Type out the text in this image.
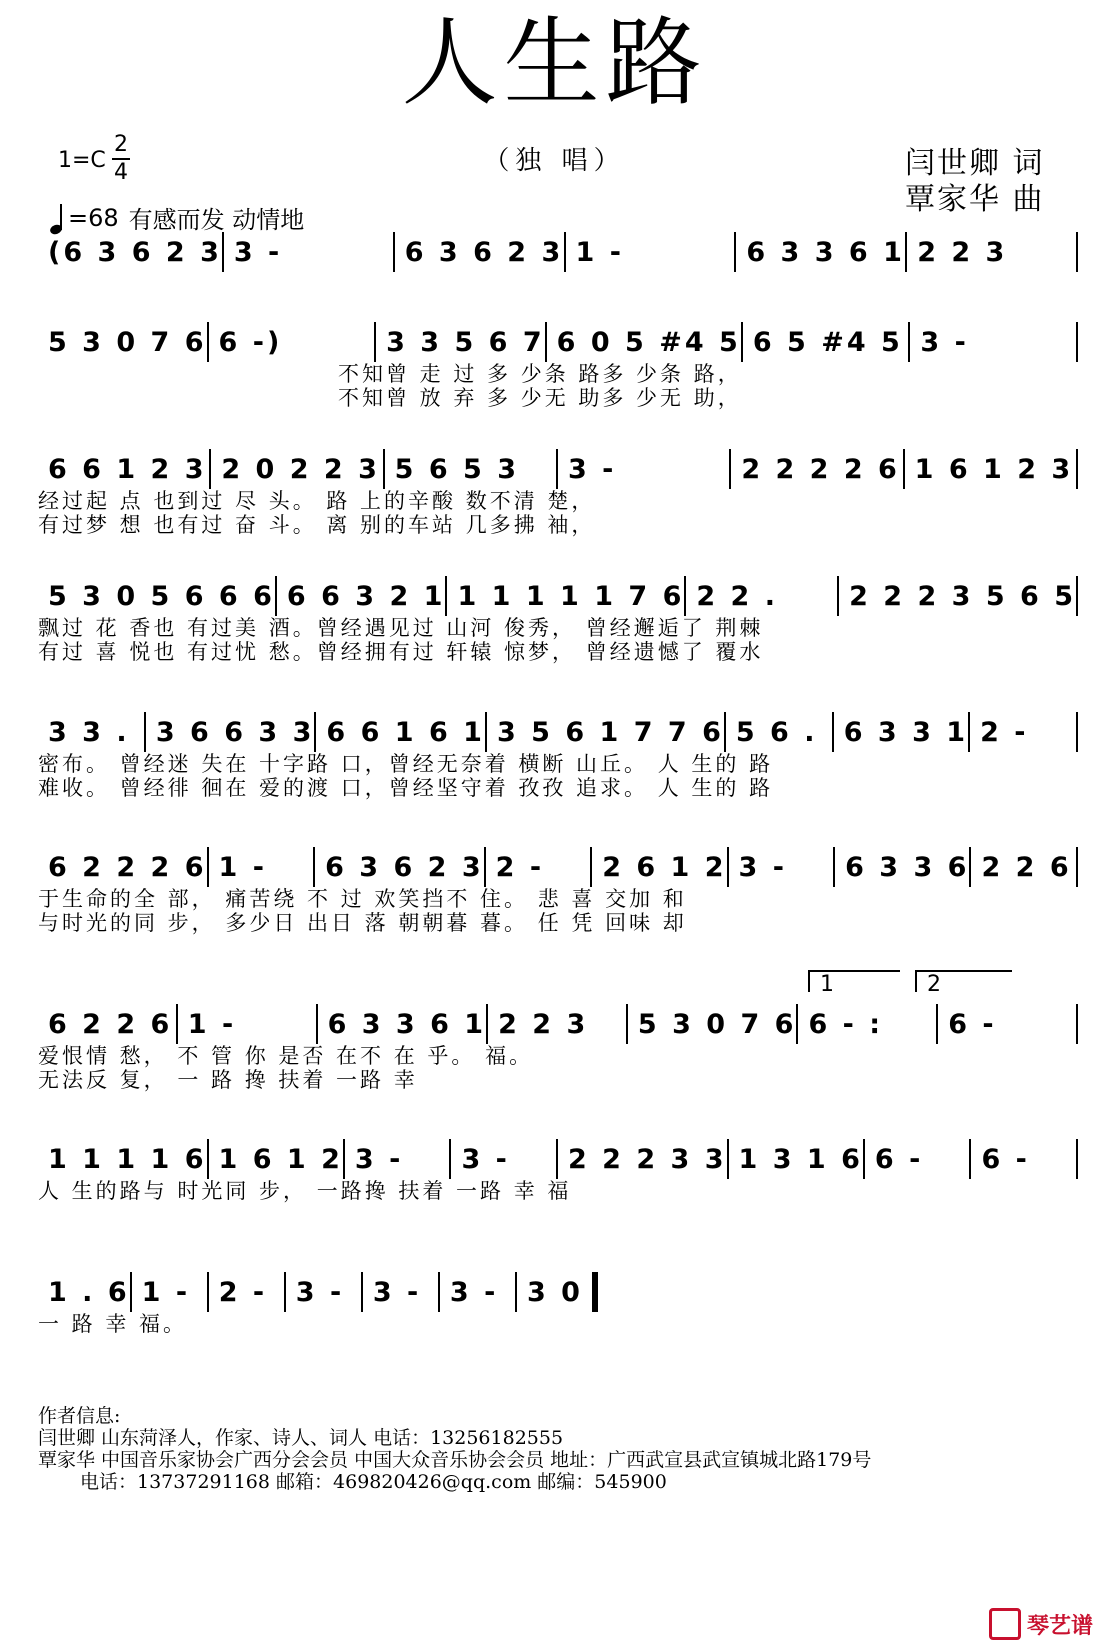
人生路
1=C
2
4
=68 有感而发 动情地
（独 唱）	闫世卿 词
覃家华 曲
(6 3 6 2 3 3 -	6 3 6 2 3 1 -	6 3 3 6 1 2 2 3
5 3 0 7 6 6 -)	3 3 5 6 7 6 0 5 #4 5 6 5 #4 5 3 -
不知曾 走 过 多 少条 路多 少条 路，
不知曾 放 弃 多 少无 助多 少无 助，
6 6 1 2 3 2 0 2 2 3 5 6 5 3	3 -	2 2 2 2 6 1 6 1 2 3
经过起 点 也到过 尽 头。 路 上的辛酸 数不清 楚，
有过梦 想 也有过 奋 斗。 离 别的车站 几多拂 袖，
5 3 0 5 6 6 6 6 6 3 2 1 1 1 1 1 1 7 6 2 2 .	2 2 2 3 5 6 5
飘过 花 香也 有过美 酒。曾经遇见过 山河 俊秀， 曾经邂逅了 荆棘
有过 喜 悦也 有过忧 愁。曾经拥有过 轩辕 惊梦， 曾经遗憾了 覆水
3 3 . 3 6 6 3 3 6 6 1 6 1 3 5 6 1 7 7 6 5 6 . 6 3 3 1 2 -
密布。 曾经迷 失在 十字路 口，曾经无奈着 横断 山丘。 人 生的 路
难收。 曾经徘 徊在 爱的渡 口，曾经坚守着 孜孜 追求。 人 生的 路
6 2 2 2 6 1 -	6 3 6 2 3 2 -	2 6 1 2 3 -	6 3 3 6 2 2 6
于生命的全 部， 痛苦绕 不 过 欢笑挡不 住。 悲 喜 交加 和
与时光的同 步， 多少日 出日 落 朝朝暮 暮。 任 凭 回味 却
6 2 2 6 1 -	6 3 3 6 1 2 2 3	5 3 0 7 6 6 - :	6 -
爱恨情 愁， 不 管 你 是否 在不 在 乎。 福。
无法反 复， 一 路 搀 扶着 一路 幸
1 1 1 1 6 1 6 1 2 3 -	3 -	2 2 2 3 3 1 3 1 6 6 -	6 -
人 生的路与 时光同 步， 一路搀 扶着 一路 幸 福
1 . 6 1 -	2 -	3 -	3 -	3 -	3 0
一 路 幸 福。
1	2
作者信息:
闫世卿 山东菏泽人，作家、诗人、词人 电话：13256182555
覃家华 中国音乐家协会广西分会会员 中国大众音乐协会会员 地址：广西武宣县武宣镇城北路179号
电话：13737291168 邮箱：469820426@qq.com 邮编：545900
琴艺谱
